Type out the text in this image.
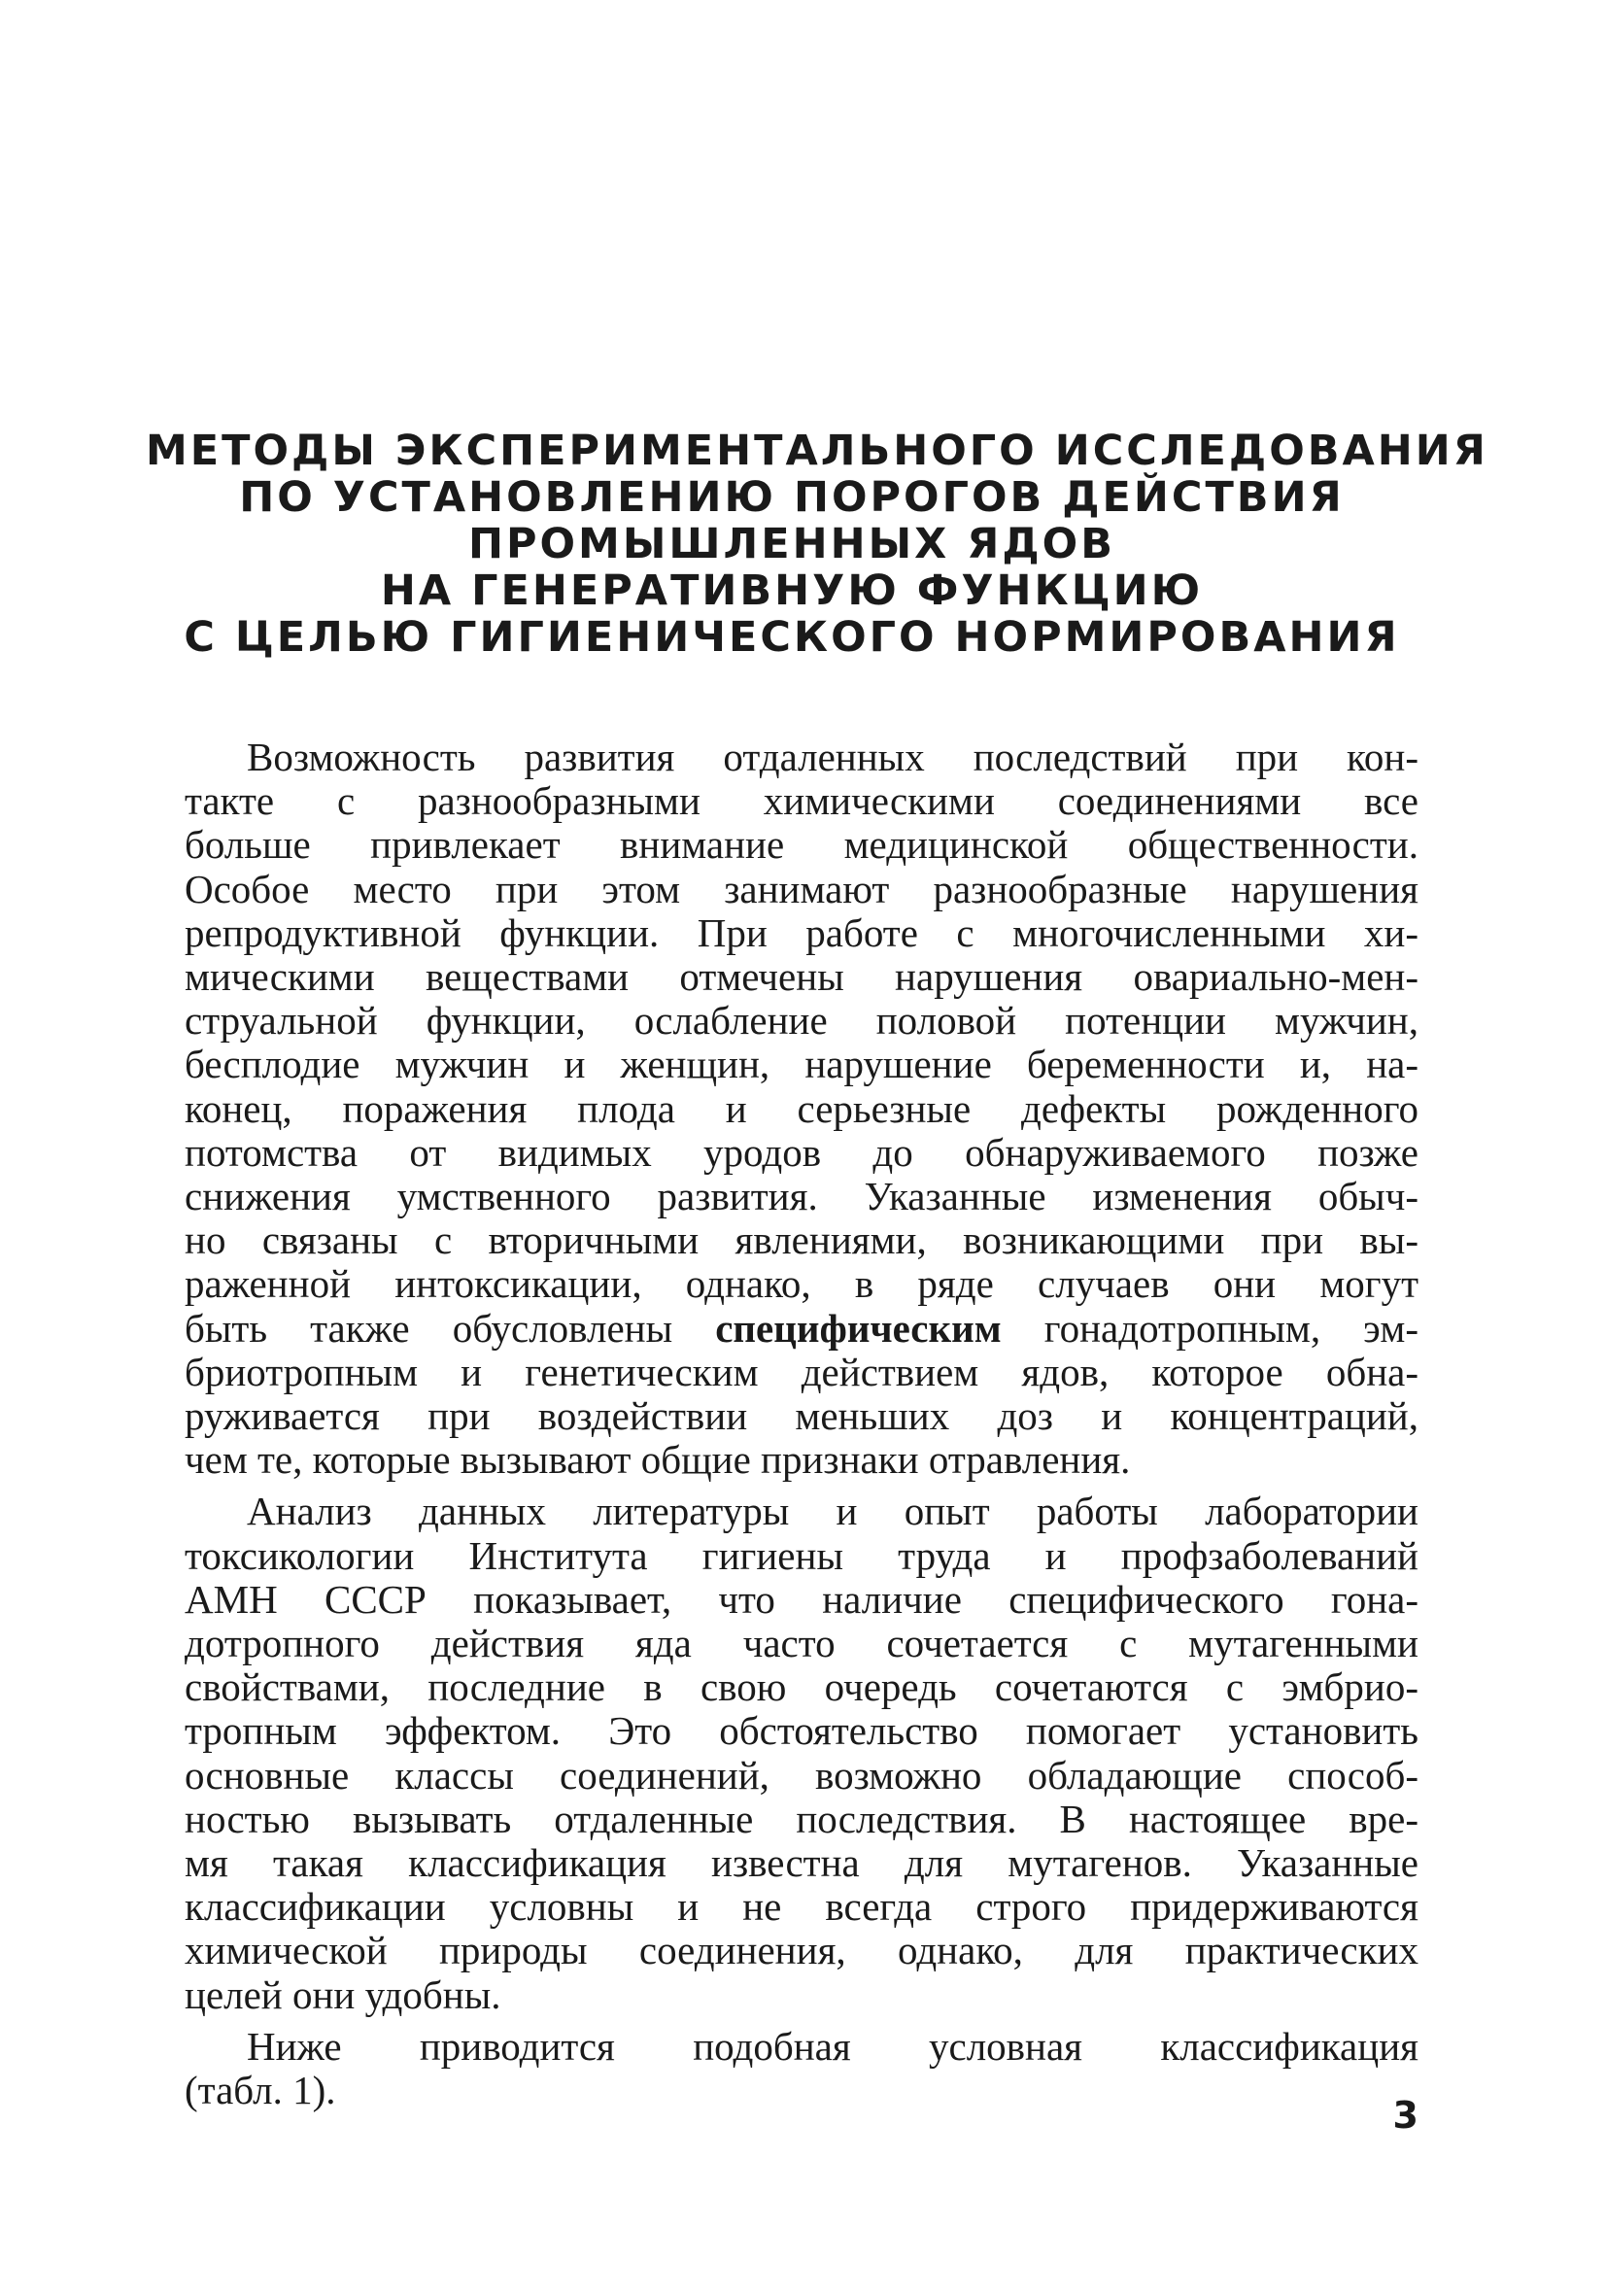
МЕТОДЫ ЭКСПЕРИМЕНТАЛЬНОГО ИССЛЕДОВАНИЯ
ПО УСТАНОВЛЕНИЮ ПОРОГОВ ДЕЙСТВИЯ
ПРОМЫШЛЕННЫХ ЯДОВ
НА ГЕНЕРАТИВНУЮ ФУНКЦИЮ
С ЦЕЛЬЮ ГИГИЕНИЧЕСКОГО НОРМИРОВАНИЯ
Возможность развития отдаленных последствий при кон-
такте с разнообразными химическими соединениями все
больше привлекает внимание медицинской общественности.
Особое место при этом занимают разнообразные нарушения
репродуктивной функции. При работе с многочисленными хи-
мическими веществами отмечены нарушения овариально-мен-
струальной функции, ослабление половой потенции мужчин,
бесплодие мужчин и женщин, нарушение беременности и, на-
конец, поражения плода и серьезные дефекты рожденного
потомства от видимых уродов до обнаруживаемого позже
снижения умственного развития. Указанные изменения обыч-
но связаны с вторичными явлениями, возникающими при вы-
раженной интоксикации, однако, в ряде случаев они могут
быть также обусловлены специфическим гонадотропным, эм-
бриотропным и генетическим действием ядов, которое обна-
руживается при воздействии меньших доз и концентраций,
чем те, которые вызывают общие признаки отравления.
Анализ данных литературы и опыт работы лаборатории
токсикологии Института гигиены труда и профзаболеваний
АМН СССР показывает, что наличие специфического гона-
дотропного действия яда часто сочетается с мутагенными
свойствами, последние в свою очередь сочетаются с эмбрио-
тропным эффектом. Это обстоятельство помогает установить
основные классы соединений, возможно обладающие способ-
ностью вызывать отдаленные последствия. В настоящее вре-
мя такая классификация известна для мутагенов. Указанные
классификации условны и не всегда строго придерживаются
химической природы соединения, однако, для практических
целей они удобны.
Ниже приводится подобная условная классификация
(табл. 1).
3
